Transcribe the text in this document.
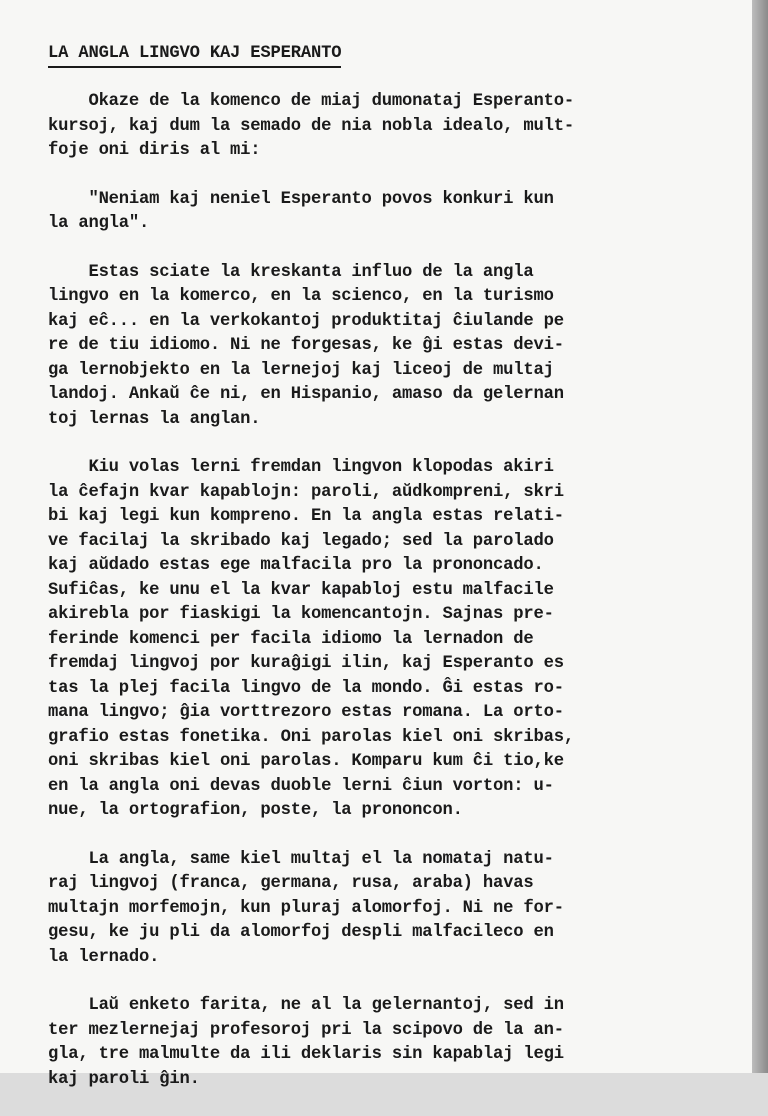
LA ANGLA LINGVO KAJ ESPERANTO
Okaze de la komenco de miaj dumonataj Esperanto-
kursoj, kaj dum la semado de nia nobla idealo, mult-
foje oni diris al mi:
"Neniam kaj neniel Esperanto povos konkuri kun
la angla".
Estas sciate la kreskanta influo de la angla
lingvo en la komerco, en la scienco, en la turismo
kaj eĉ... en la verkokantoj produktitaj ĉiulande pe
re de tiu idiomo. Ni ne forgesas, ke ĝi estas devi-
ga lernobjekto en la lernejoj kaj liceoj de multaj
landoj. Ankaŭ ĉe ni, en Hispanio, amaso da gelernan
toj lernas la anglan.
Kiu volas lerni fremdan lingvon klopodas akiri
la ĉefajn kvar kapablojn: paroli, aŭdkompreni, skri
bi kaj legi kun kompreno. En la angla estas relati-
ve facilaj la skribado kaj legado; sed la parolado
kaj aŭdado estas ege malfacila pro la prononcado.
Sufiĉas, ke unu el la kvar kapabloj estu malfacile
akirebla por fiaskigi la komencantojn. Sajnas pre-
ferinde komenci per facila idiomo la lernadon de
fremdaj lingvoj por kuraĝigi ilin, kaj Esperanto es
tas la plej facila lingvo de la mondo. Ĝi estas ro-
mana lingvo; ĝia vorttrezoro estas romana. La orto-
grafio estas fonetika. Oni parolas kiel oni skribas,
oni skribas kiel oni parolas. Komparu kum ĉi tio,ke
en la angla oni devas duoble lerni ĉiun vorton: u-
nue, la ortografion, poste, la prononcon.
La angla, same kiel multaj el la nomataj natu-
raj lingvoj (franca, germana, rusa, araba) havas
multajn morfemojn, kun pluraj alomorfoj. Ni ne for-
gesu, ke ju pli da alomorfoj despli malfacileco en
la lernado.
Laŭ enketo farita, ne al la gelernantoj, sed in
ter mezlernejaj profesoroj pri la scipovo de la an-
gla, tre malmulte da ili deklaris sin kapablaj legi
kaj paroli ĝin.
